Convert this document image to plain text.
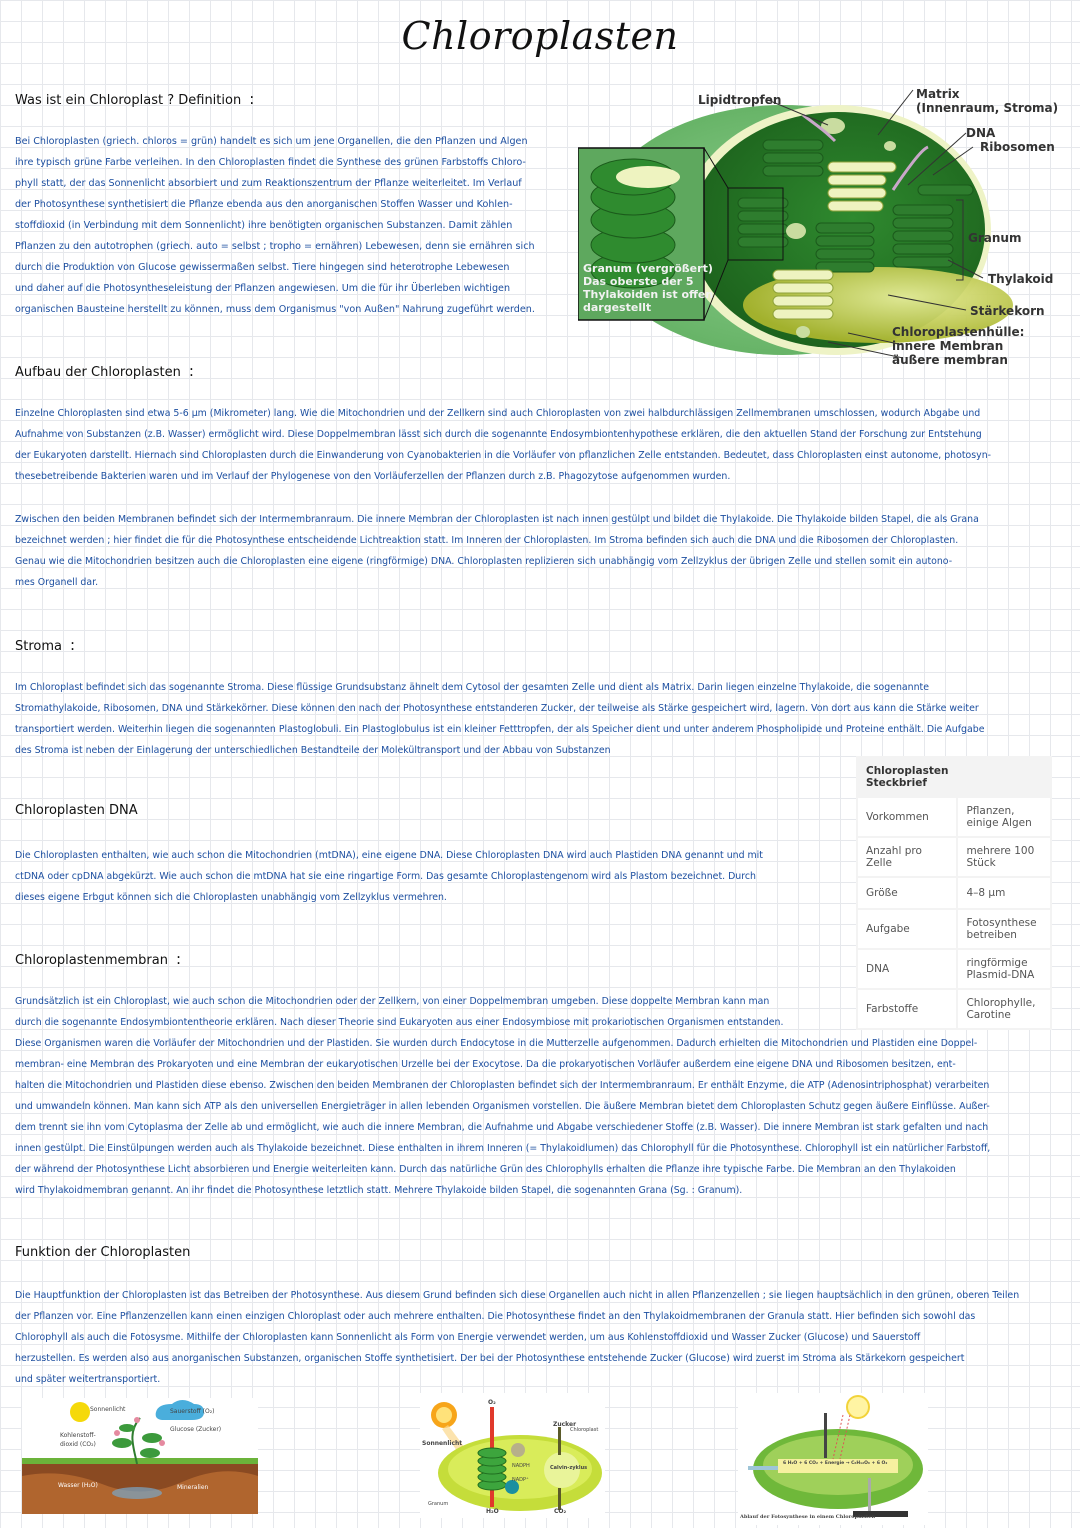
Chloroplasten
Was ist ein Chloroplast ? Definition :
Bei Chloroplasten (griech. chloros = grün) handelt es sich um jene Organellen, die den Pflanzen und Algen
ihre typisch grüne Farbe verleihen. In den Chloroplasten findet die Synthese des grünen Farbstoffs Chloro-
phyll statt, der das Sonnenlicht absorbiert und zum Reaktionszentrum der Pflanze weiterleitet. Im Verlauf
der Photosynthese synthetisiert die Pflanze ebenda aus den anorganischen Stoffen Wasser und Kohlen-
stoffdioxid (in Verbindung mit dem Sonnenlicht) ihre benötigten organischen Substanzen. Damit zählen
Pflanzen zu den autotrophen (griech. auto = selbst ; tropho = ernähren) Lebewesen, denn sie ernähren sich
durch die Produktion von Glucose gewissermaßen selbst. Tiere hingegen sind heterotrophe Lebewesen
und daher auf die Photosyntheseleistung der Pflanzen angewiesen. Um die für ihr Überleben wichtigen
organischen Bausteine herstellt zu können, muss dem Organismus "von Außen" Nahrung zugeführt werden.
Lipidtropfen	Matrix
(Innenraum, Stroma)
DNA
Ribosomen
Granum
Thylakoid
Stärkekorn
Chloroplastenhülle:
innere Membran
äußere membran
Granum (vergrößert)
Das oberste der 5
Thylakoiden ist offen
dargestellt
Aufbau der Chloroplasten :
Einzelne Chloroplasten sind etwa 5-6 µm (Mikrometer) lang. Wie die Mitochondrien und der Zellkern sind auch Chloroplasten von zwei halbdurchlässigen Zellmembranen umschlossen, wodurch Abgabe und
Aufnahme von Substanzen (z.B. Wasser) ermöglicht wird. Diese Doppelmembran lässt sich durch die sogenannte Endosymbiontenhypothese erklären, die den aktuellen Stand der Forschung zur Entstehung
der Eukaryoten darstellt. Hiernach sind Chloroplasten durch die Einwanderung von Cyanobakterien in die Vorläufer von pflanzlichen Zelle entstanden. Bedeutet, dass Chloroplasten einst autonome, photosyn-
thesebetreibende Bakterien waren und im Verlauf der Phylogenese von den Vorläuferzellen der Pflanzen durch z.B. Phagozytose aufgenommen wurden.
Zwischen den beiden Membranen befindet sich der Intermembranraum. Die innere Membran der Chloroplasten ist nach innen gestülpt und bildet die Thylakoide. Die Thylakoide bilden Stapel, die als Grana
bezeichnet werden ; hier findet die für die Photosynthese entscheidende Lichtreaktion statt. Im Inneren der Chloroplasten. Im Stroma befinden sich auch die DNA und die Ribosomen der Chloroplasten.
Genau wie die Mitochondrien besitzen auch die Chloroplasten eine eigene (ringförmige) DNA. Chloroplasten replizieren sich unabhängig vom Zellzyklus der übrigen Zelle und stellen somit ein autono-
mes Organell dar.
Stroma :
Im Chloroplast befindet sich das sogenannte Stroma. Diese flüssige Grundsubstanz ähnelt dem Cytosol der gesamten Zelle und dient als Matrix. Darin liegen einzelne Thylakoide, die sogenannte
Stromathylakoide, Ribosomen, DNA und Stärkekörner. Diese können den nach der Photosynthese entstanderen Zucker, der teilweise als Stärke gespeichert wird, lagern. Von dort aus kann die Stärke weiter
transportiert werden. Weiterhin liegen die sogenannten Plastoglobuli. Ein Plastoglobulus ist ein kleiner Fetttropfen, der als Speicher dient und unter anderem Phospholipide und Proteine enthält. Die Aufgabe
des Stroma ist neben der Einlagerung der unterschiedlichen Bestandteile der Molekültransport und der Abbau von Substanzen
Chloroplasten Steckbrief	
Vorkommen	Pflanzen, einige Algen
Anzahl pro Zelle	mehrere 100 Stück
Größe	4–8 µm
Aufgabe	Fotosynthese betreiben
DNA	ringförmige Plasmid-DNA
Farbstoffe	Chlorophylle, Carotine
Chloroplasten DNA
Die Chloroplasten enthalten, wie auch schon die Mitochondrien (mtDNA), eine eigene DNA. Diese Chloroplasten DNA wird auch Plastiden DNA genannt und mit
ctDNA oder cpDNA abgekürzt. Wie auch schon die mtDNA hat sie eine ringartige Form. Das gesamte Chloroplastengenom wird als Plastom bezeichnet. Durch
dieses eigene Erbgut können sich die Chloroplasten unabhängig vom Zellzyklus vermehren.
Chloroplastenmembran :
Grundsätzlich ist ein Chloroplast, wie auch schon die Mitochondrien oder der Zellkern, von einer Doppelmembran umgeben. Diese doppelte Membran kann man
durch die sogenannte Endosymbiontentheorie erklären. Nach dieser Theorie sind Eukaryoten aus einer Endosymbiose mit prokariotischen Organismen entstanden.
Diese Organismen waren die Vorläufer der Mitochondrien und der Plastiden. Sie wurden durch Endocytose in die Mutterzelle aufgenommen. Dadurch erhielten die Mitochondrien und Plastiden eine Doppel-
membran- eine Membran des Prokaryoten und eine Membran der eukaryotischen Urzelle bei der Exocytose. Da die prokaryotischen Vorläufer außerdem eine eigene DNA und Ribosomen besitzen, ent-
halten die Mitochondrien und Plastiden diese ebenso. Zwischen den beiden Membranen der Chloroplasten befindet sich der Intermembranraum. Er enthält Enzyme, die ATP (Adenosintriphosphat) verarbeiten
und umwandeln können. Man kann sich ATP als den universellen Energieträger in allen lebenden Organismen vorstellen. Die äußere Membran bietet dem Chloroplasten Schutz gegen äußere Einflüsse. Außer-
dem trennt sie ihn vom Cytoplasma der Zelle ab und ermöglicht, wie auch die innere Membran, die Aufnahme und Abgabe verschiedener Stoffe (z.B. Wasser). Die innere Membran ist stark gefalten und nach
innen gestülpt. Die Einstülpungen werden auch als Thylakoide bezeichnet. Diese enthalten in ihrem Inneren (= Thylakoidlumen) das Chlorophyll für die Photosynthese. Chlorophyll ist ein natürlicher Farbstoff,
der während der Photosynthese Licht absorbieren und Energie weiterleiten kann. Durch das natürliche Grün des Chlorophylls erhalten die Pflanze ihre typische Farbe. Die Membran an den Thylakoiden
wird Thylakoidmembran genannt. An ihr findet die Photosynthese letztlich statt. Mehrere Thylakoide bilden Stapel, die sogenannten Grana (Sg. : Granum).
Funktion der Chloroplasten
Die Hauptfunktion der Chloroplasten ist das Betreiben der Photosynthese. Aus diesem Grund befinden sich diese Organellen auch nicht in allen Pflanzenzellen ; sie liegen hauptsächlich in den grünen, oberen Teilen
der Pflanzen vor. Eine Pflanzenzellen kann einen einzigen Chloroplast oder auch mehrere enthalten. Die Photosynthese findet an den Thylakoidmembranen der Granula statt. Hier befinden sich sowohl das
Chlorophyll als auch die Fotosysme. Mithilfe der Chloroplasten kann Sonnenlicht als Form von Energie verwendet werden, um aus Kohlenstoffdioxid und Wasser Zucker (Glucose) und Sauerstoff
herzustellen. Es werden also aus anorganischen Substanzen, organischen Stoffe synthetisiert. Der bei der Photosynthese entstehende Zucker (Glucose) wird zuerst im Stroma als Stärkekorn gespeichert
und später weitertransportiert.
Sonnenlicht	Sauerstoff (O₂)
Glucose (Zucker)
Kohlenstoff-
dioxid (CO₂)
Wasser (H₂O)	Mineralien
O₂
Zucker
Chloroplast
Sonnenlicht
NADPH
NADP⁺
Calvin-zyklus
Granum
H₂O	CO₂
6 H₂O + 6 CO₂ + Energie → C₆H₁₂O₆ + 6 O₂
Ablauf der Fotosynthese in einem Chloroplasten
